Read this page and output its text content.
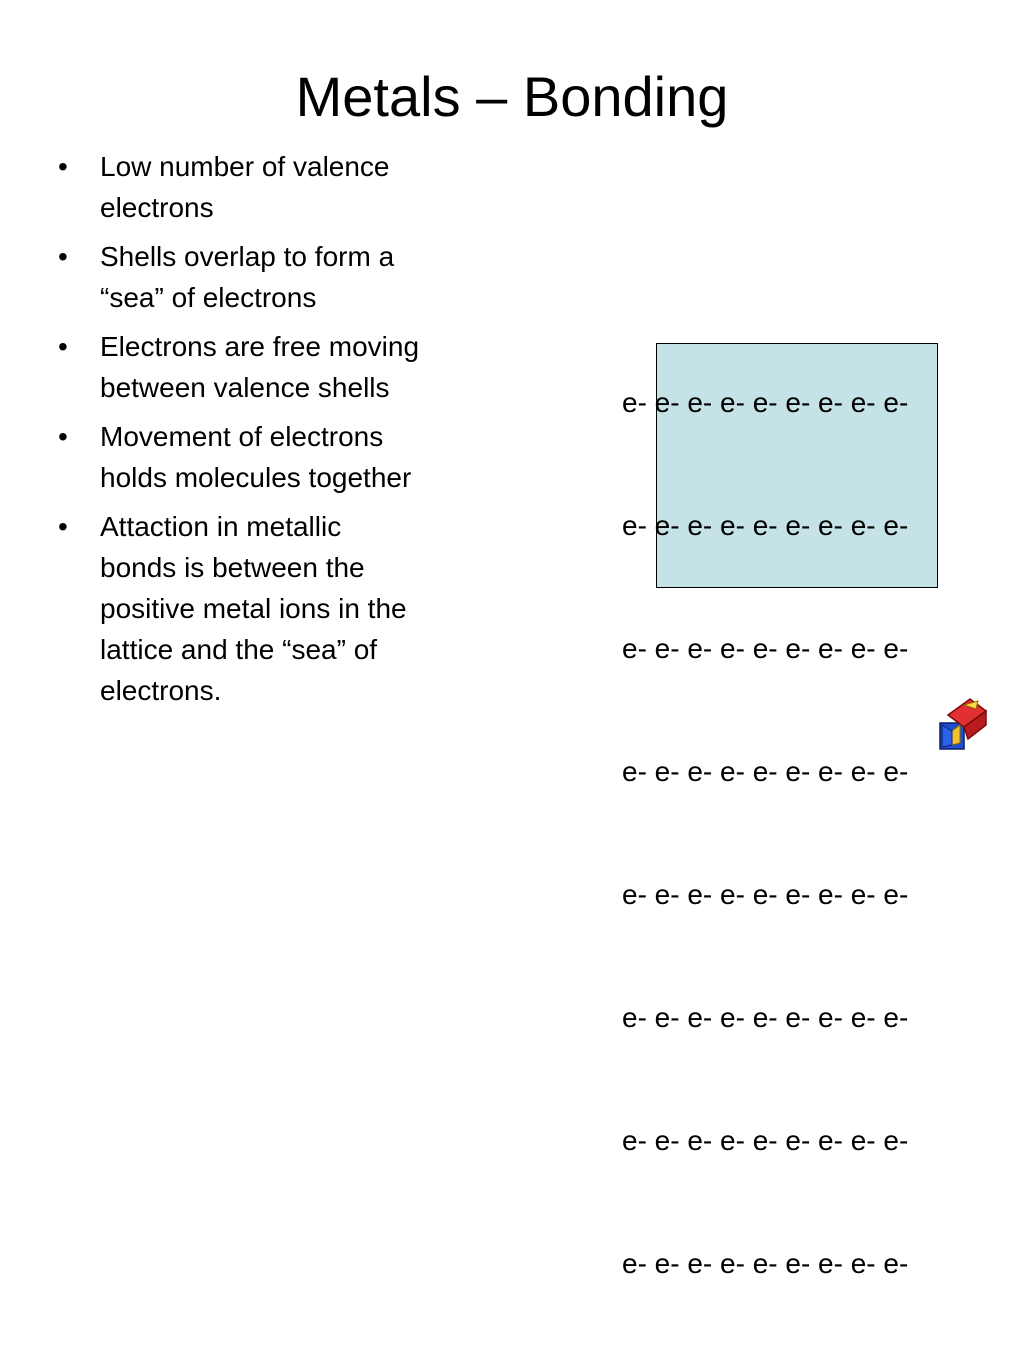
Metals – Bonding
• Low number of valence
electrons
• Shells overlap to form a
“sea” of electrons
• Electrons are free moving
between valence shells
• Movement of electrons
holds molecules together
• Attaction in metallic
bonds is between the
positive metal ions in the
lattice and the “sea” of
electrons.

e- e- e- e- e- e- e- e- e-

e- e- e- e- e- e- e- e- e-

e- e- e- e- e- e- e- e- e-

e- e- e- e- e- e- e- e- e-

e- e- e- e- e- e- e- e- e-

e- e- e- e- e- e- e- e- e-

e- e- e- e- e- e- e- e- e-

e- e- e- e- e- e- e- e- e-
